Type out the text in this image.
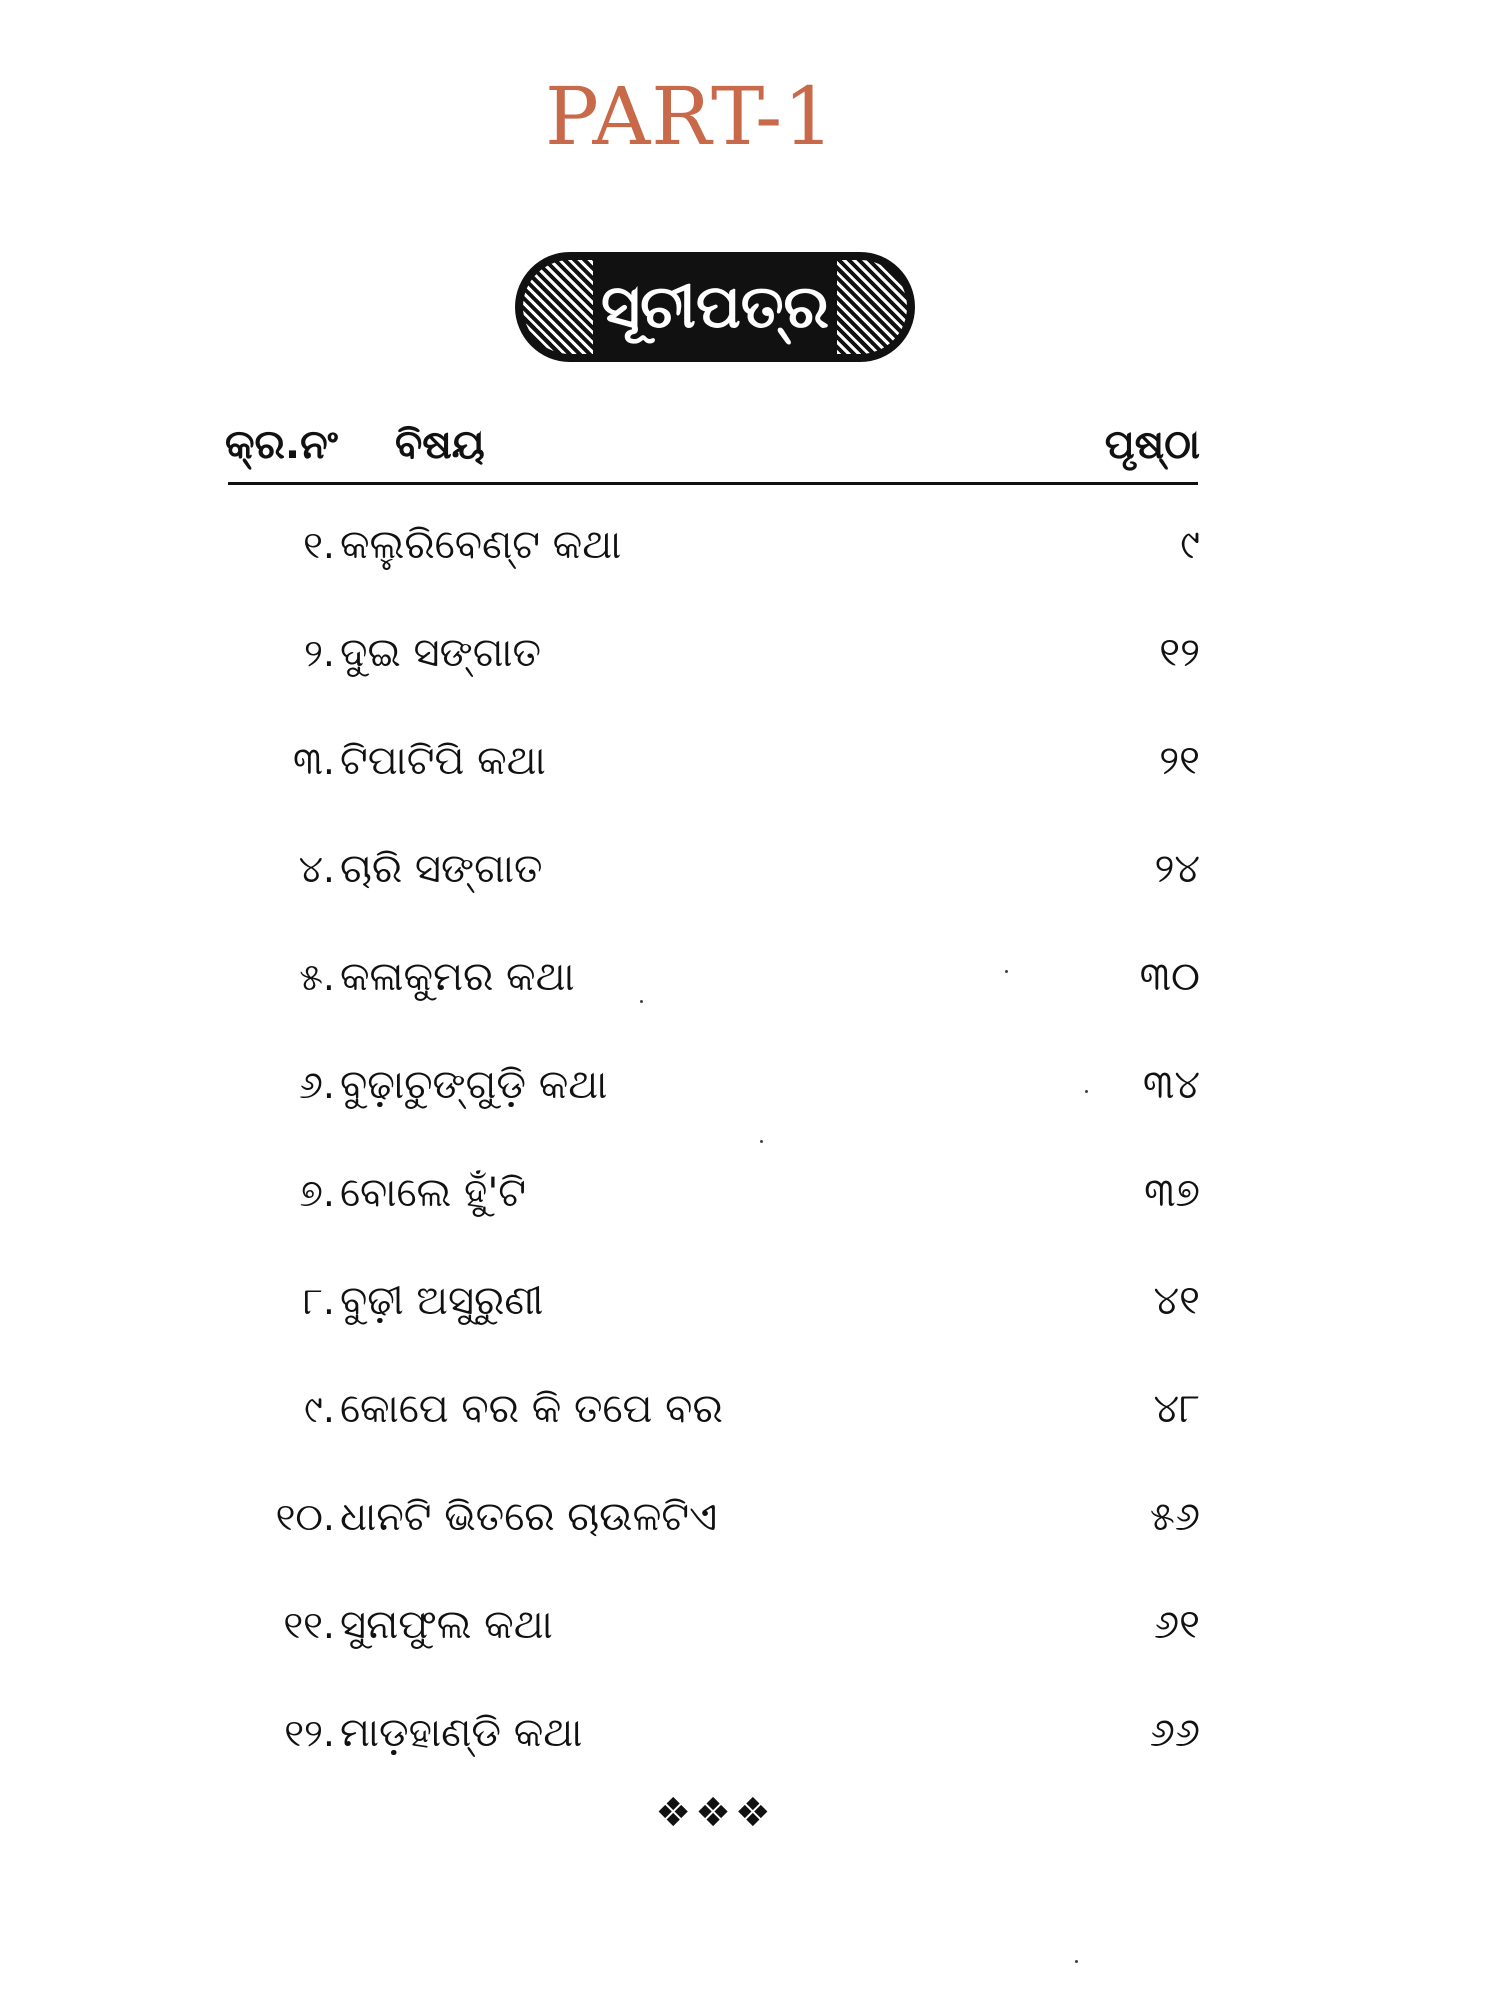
PART-1
ସୂଚୀପତ୍ର
କ୍ର.ନଂ ବିଷୟ	ପୃଷ୍ଠା
୧. କଲୁରିବେଣ୍ଟ କଥା	୯
୨. ଦୁଇ ସଙ୍ଗାତ	୧୨
୩. ଟିପାଟିପି କଥା	୨୧
୪. ଚାରି ସଙ୍ଗାତ	୨୪
୫. କଳାକୁମର କଥା	୩୦
୬. ବୁଢ଼ାଚୁଙ୍ଗୁଡ଼ି କଥା	୩୪
୭. ବୋଲେ ହୁଁ'ଟି	୩୭
୮. ବୁଢ଼ୀ ଅସୁରୁଣୀ	୪୧
୯. କୋପେ ବର କି ତପେ ବର	୪୮
୧୦. ଧାନଟି ଭିତରେ ଚାଉଳଟିଏ	୫୬
୧୧. ସୁନାଫୁଲ କଥା	୬୧
୧୨. ମାଡ଼ହାଣ୍ଡି କଥା	୬୬
❖❖❖
